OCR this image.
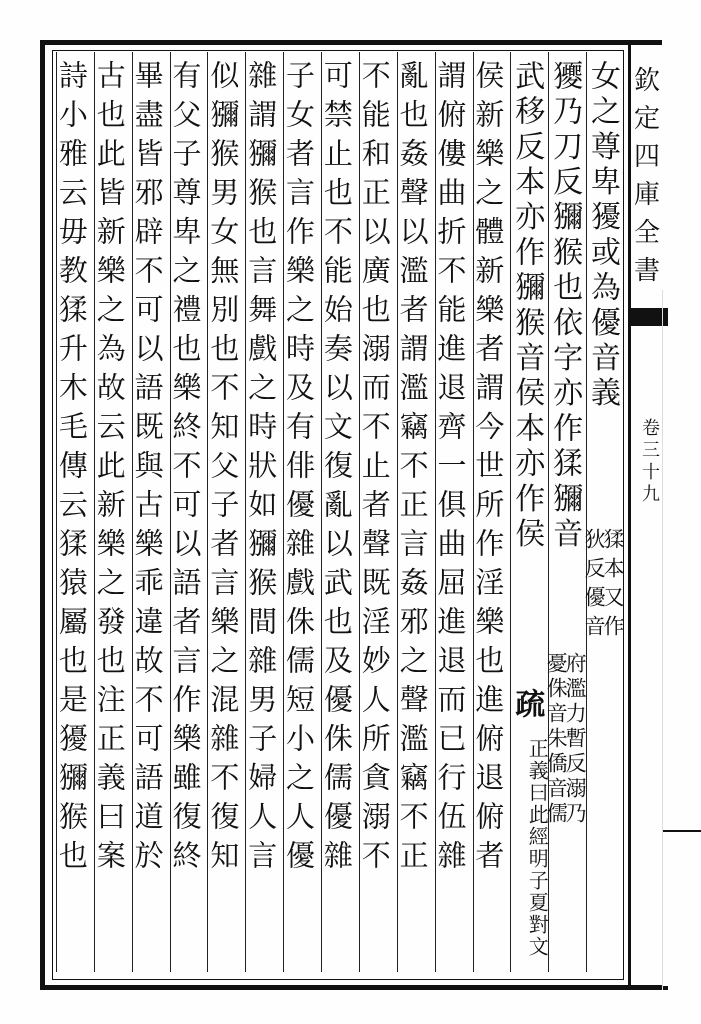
欽
定
四
庫
全
書
卷
三
十
九
女之尊卑獶或為優音義
猱本又作
狄反優音
獿乃刀反獼猴也依字亦作猱獼音
府濫力暫反溺乃
憂侏音朱僑音儒
武移反本亦作獼猴音侯本亦作侯
疏
正義曰此經明子夏對文
侯新樂之體新樂者謂今世所作淫樂也進俯退俯者
謂俯僂曲折不能進退齊一俱曲屈進退而已行伍雜
亂也姦聲以濫者謂濫竊不正言姦邪之聲濫竊不正
不能和正以廣也溺而不止者聲既淫妙人所貪溺不
可禁止也不能始奏以文復亂以武也及優侏儒優雜
子女者言作樂之時及有俳優雜戲侏儒短小之人優
雜謂獼猴也言舞戲之時狀如獼猴間雜男子婦人言
似獼猴男女無別也不知父子者言樂之混雜不復知
有父子尊卑之禮也樂終不可以語者言作樂雖復終
畢盡皆邪辟不可以語既與古樂乖違故不可語道於
古也此皆新樂之為故云此新樂之發也注正義曰案
詩小雅云毋教猱升木毛傳云猱猿屬也是獶獼猴也
